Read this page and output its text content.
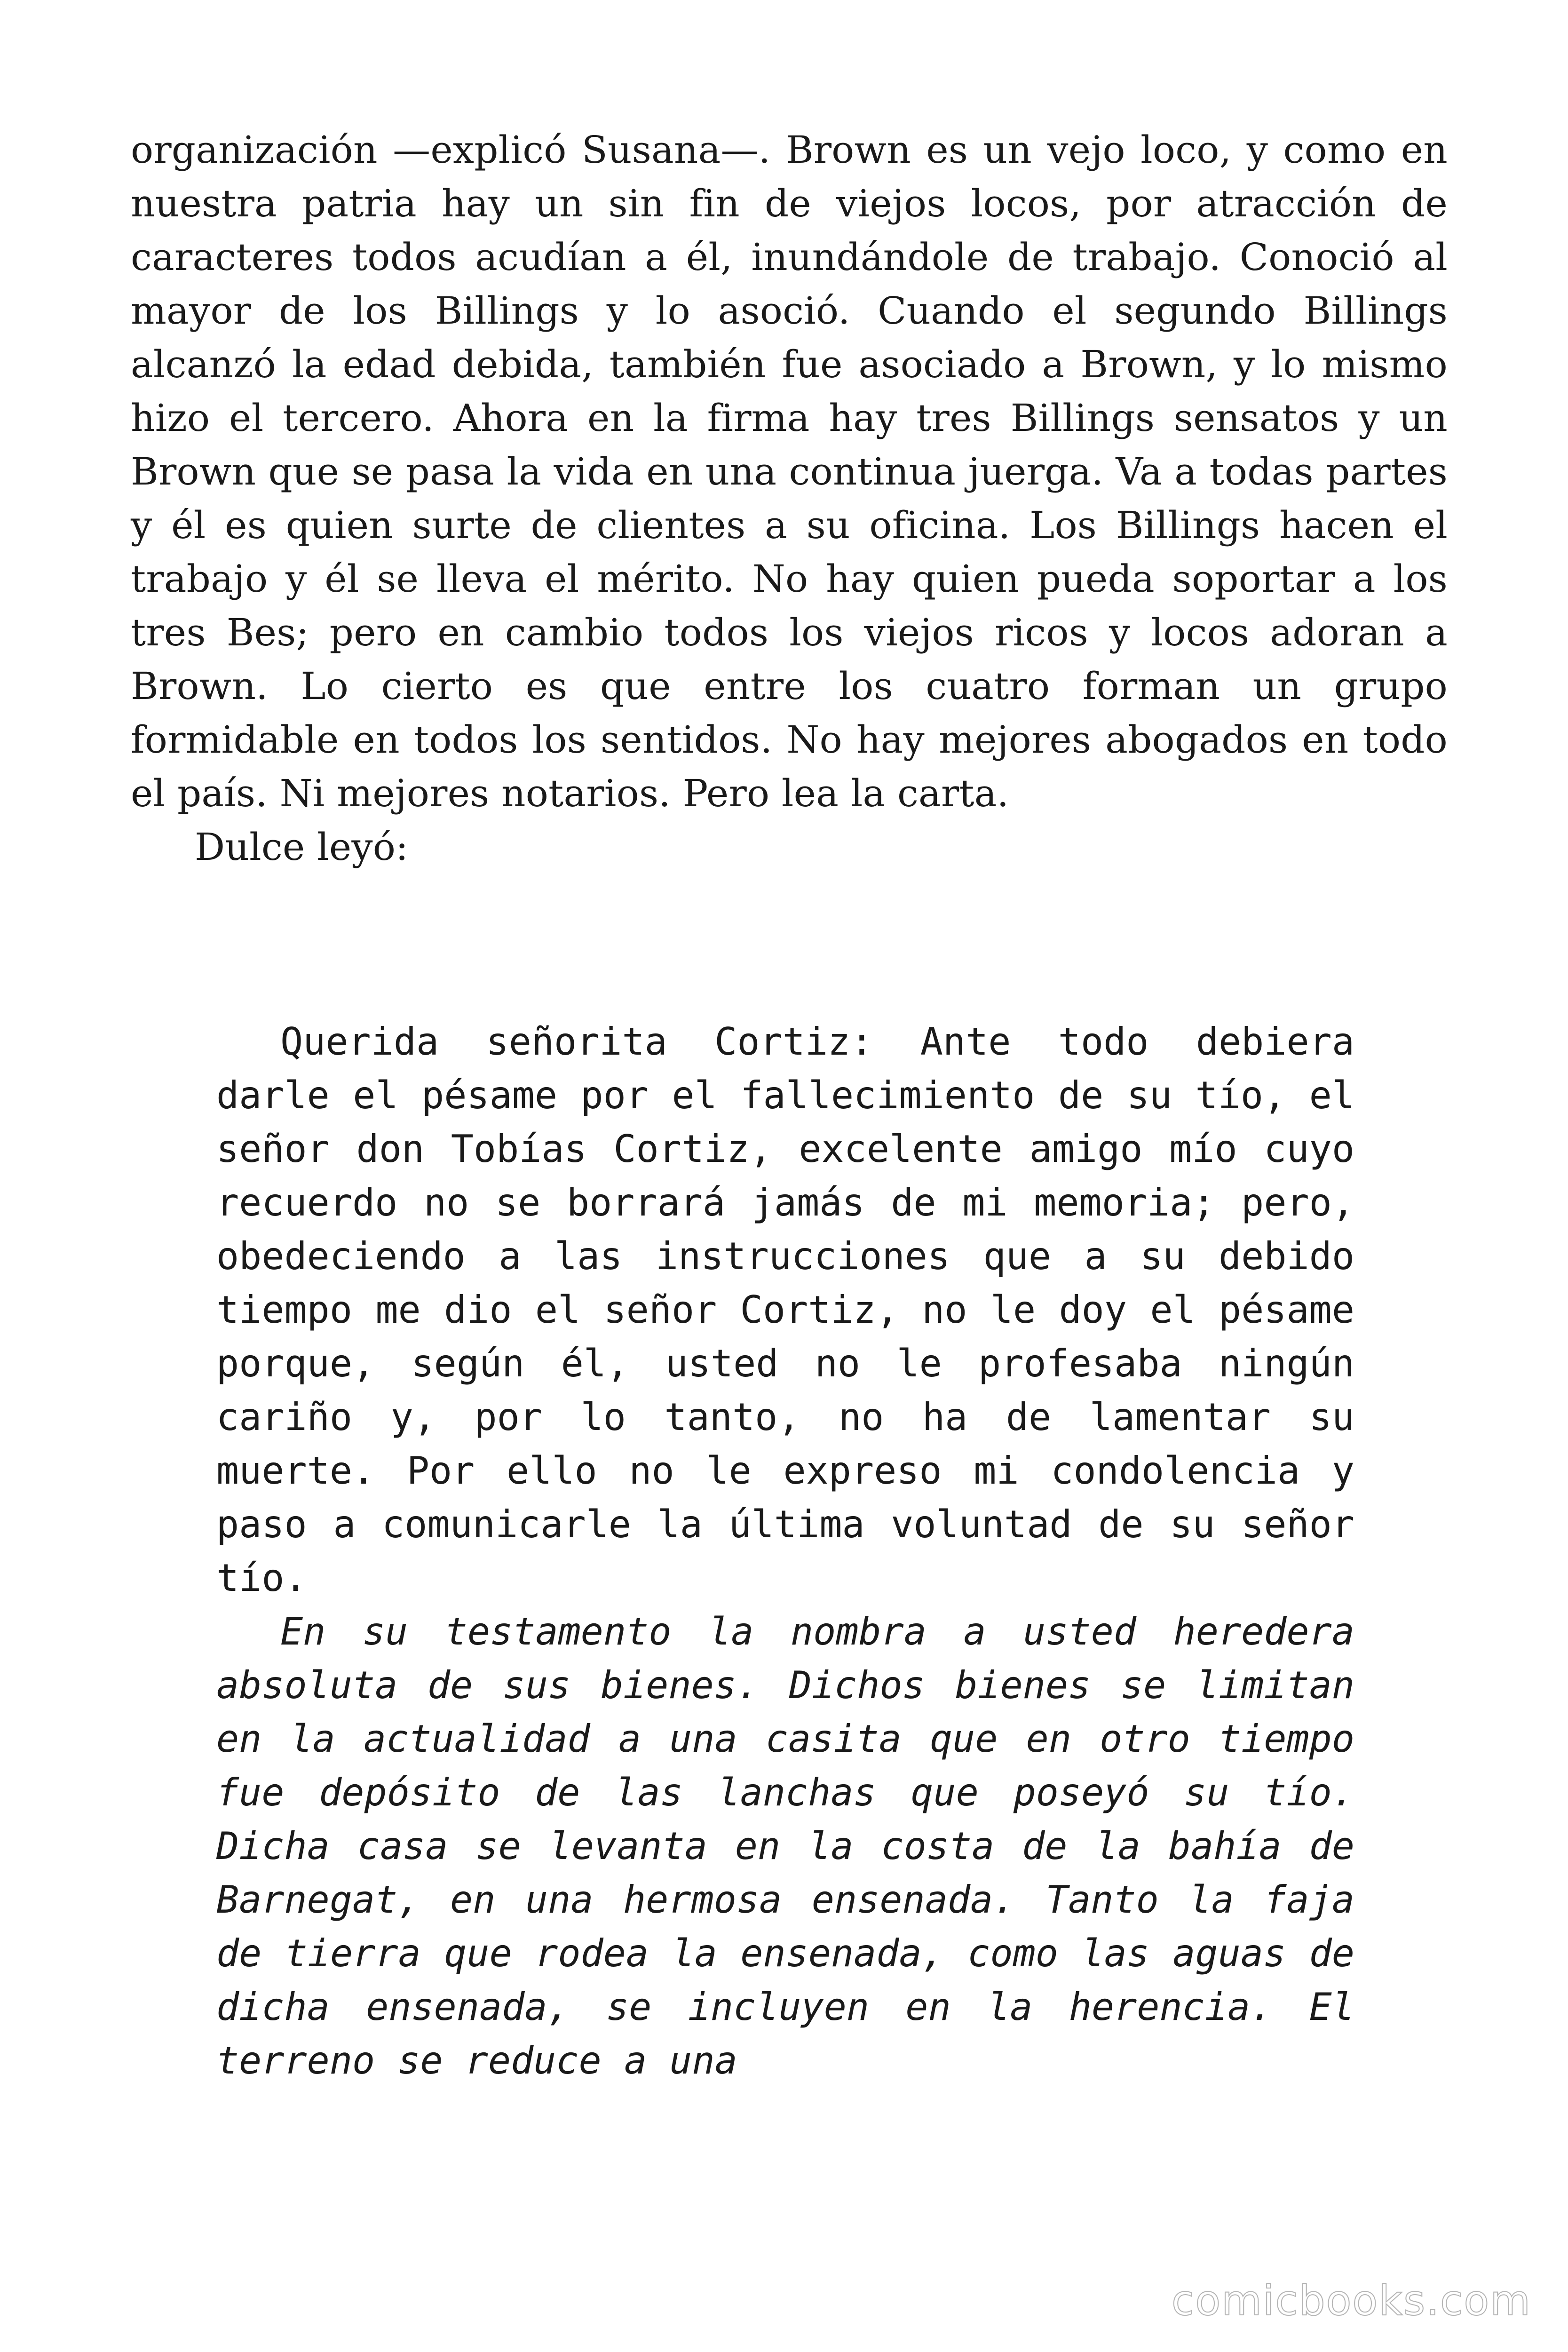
organización —explicó Susana—. Brown es un vejo loco, y como en nuestra patria hay un sin fin de viejos locos, por atracción de caracteres todos acudían a él, inundándole de trabajo. Conoció al mayor de los Billings y lo asoció. Cuando el segundo Billings alcanzó la edad debida, también fue asociado a Brown, y lo mismo hizo el tercero. Ahora en la firma hay tres Billings sensatos y un Brown que se pasa la vida en una continua juerga. Va a todas partes y él es quien surte de clientes a su oficina. Los Billings hacen el trabajo y él se lleva el mérito. No hay quien pueda soportar a los tres Bes; pero en cambio todos los viejos ricos y locos adoran a Brown. Lo cierto es que entre los cuatro forman un grupo formidable en todos los sentidos. No hay mejores abogados en todo el país. Ni mejores notarios. Pero lea la carta.

Dulce leyó:

Querida señorita Cortiz: Ante todo debiera darle el pésame por el fallecimiento de su tío, el señor don Tobías Cortiz, excelente amigo mío cuyo recuerdo no se borrará jamás de mi memoria; pero, obedeciendo a las instrucciones que a su debido tiempo me dio el señor Cortiz, no le doy el pésame porque, según él, usted no le profesaba ningún cariño y, por lo tanto, no ha de lamentar su muerte. Por ello no le expreso mi condolencia y paso a comunicarle la última voluntad de su señor tío.

En su testamento la nombra a usted heredera absoluta de sus bienes. Dichos bienes se limitan en la actualidad a una casita que en otro tiempo fue depósito de las lanchas que poseyó su tío. Dicha casa se levanta en la costa de la bahía de Barnegat, en una hermosa ensenada. Tanto la faja de tierra que rodea la ensenada, como las aguas de dicha ensenada, se incluyen en la herencia. El terreno se reduce a una

comicbooks.com
